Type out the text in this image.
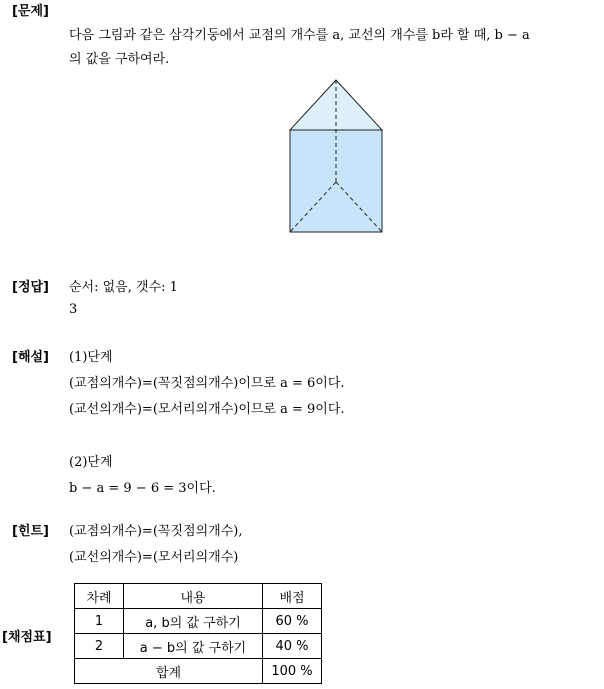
[문제]
다음 그림과 같은 삼각기둥에서 교점의 개수를 a, 교선의 개수를 b라 할 때, b − a
의 값을 구하여라.
[정답] 순서: 없음, 갯수: 1
3
[해설] (1)단계
(교점의개수)=(꼭짓점의개수)이므로 a = 6이다.
(교선의개수)=(모서리의개수)이므로 a = 9이다.
(2)단계
b − a = 9 − 6 = 3이다.
[힌트] (교점의개수)=(꼭짓점의개수),
(교선의개수)=(모서리의개수)
[채점표]
차례	내용	배점
1	a, b의 값 구하기	60 %
2	a − b의 값 구하기	40 %
합계		100 %
